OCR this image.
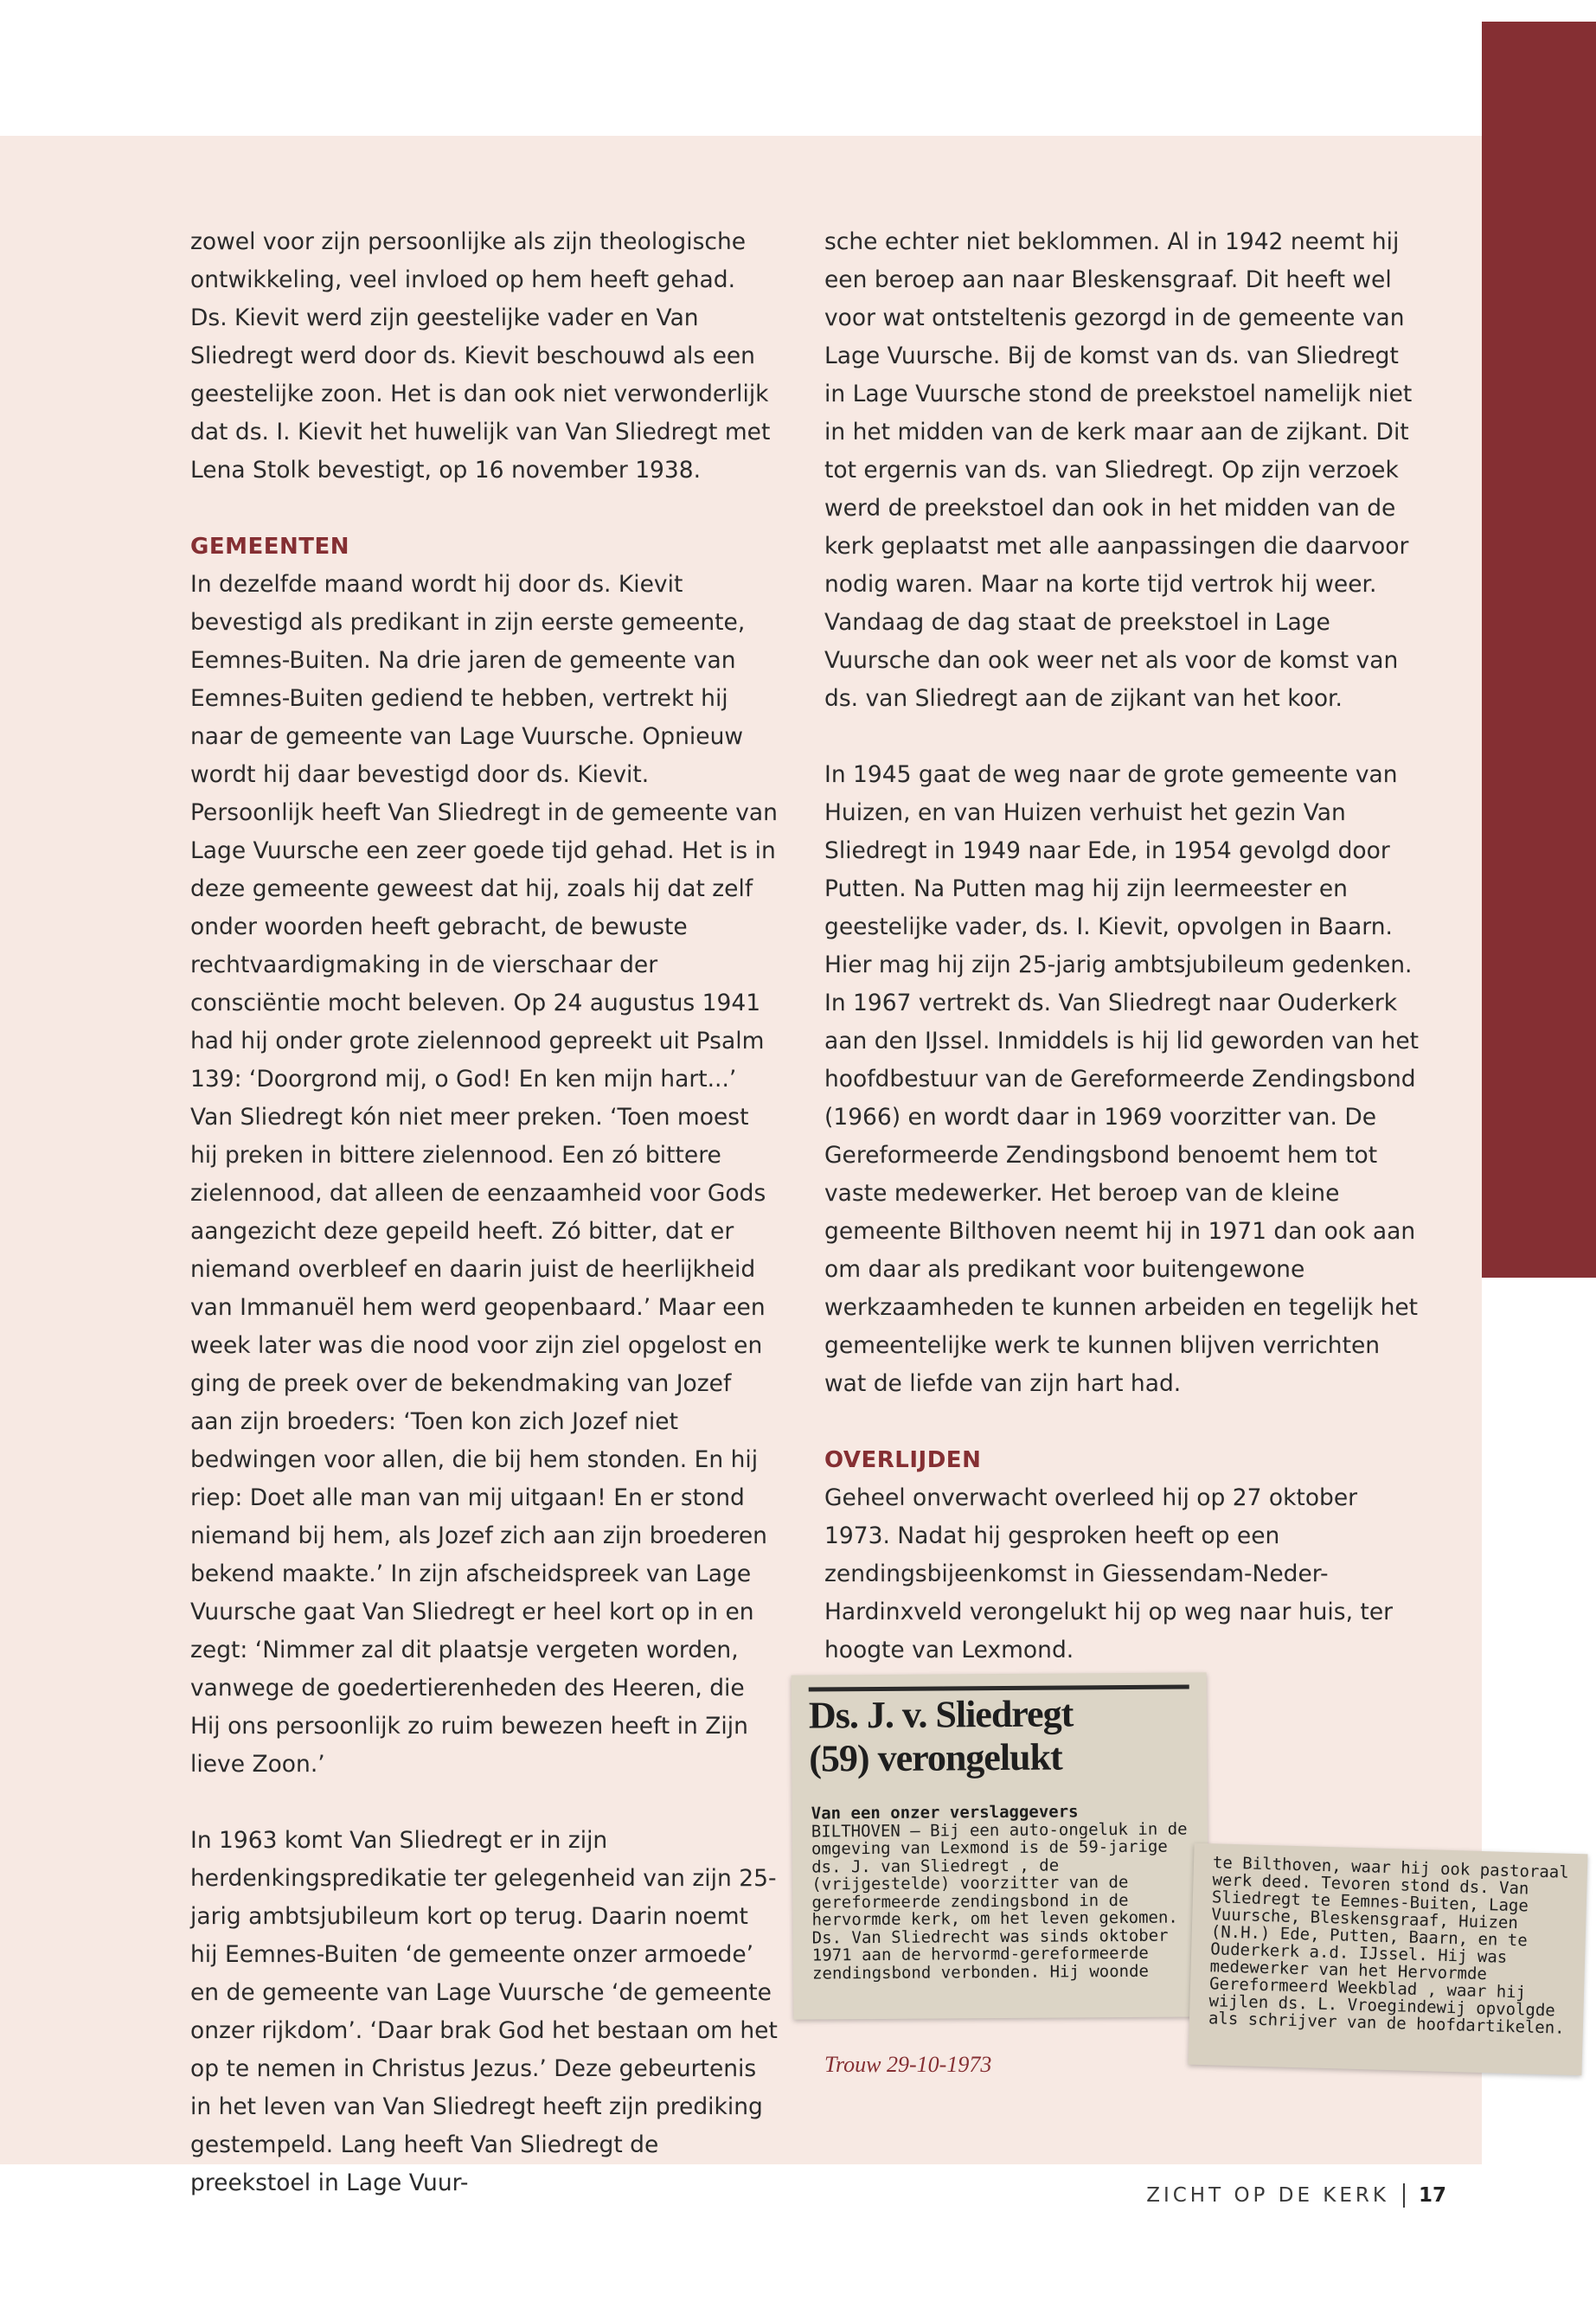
zowel voor zijn persoonlijke als zijn theologische ontwikkeling, veel invloed op hem heeft gehad. Ds. Kievit werd zijn geestelijke vader en Van Sliedregt werd door ds. Kievit beschouwd als een geestelijke zoon. Het is dan ook niet verwonderlijk dat ds. I. Kievit het huwelijk van Van Sliedregt met Lena Stolk bevestigt, op 16 november 1938.

GEMEENTEN

In dezelfde maand wordt hij door ds. Kievit bevestigd als predikant in zijn eerste gemeente, Eemnes-Buiten. Na drie jaren de gemeente van Eemnes-Buiten gediend te hebben, vertrekt hij naar de gemeente van Lage Vuursche. Opnieuw wordt hij daar bevestigd door ds. Kievit. Persoonlijk heeft Van Sliedregt in de gemeente van Lage Vuursche een zeer goede tijd gehad. Het is in deze gemeente geweest dat hij, zoals hij dat zelf onder woorden heeft gebracht, de bewuste rechtvaardigmaking in de vierschaar der consciëntie mocht beleven. Op 24 augustus 1941 had hij onder grote zielennood gepreekt uit Psalm 139: ‘Doorgrond mij, o God! En ken mijn hart...’ Van Sliedregt kón niet meer preken. ‘Toen moest hij preken in bittere zielennood. Een zó bittere zielennood, dat alleen de eenzaamheid voor Gods aangezicht deze gepeild heeft. Zó bitter, dat er niemand overbleef en daarin juist de heerlijkheid van Immanuël hem werd geopenbaard.’ Maar een week later was die nood voor zijn ziel opgelost en ging de preek over de bekendmaking van Jozef aan zijn broeders: ‘Toen kon zich Jozef niet bedwingen voor allen, die bij hem stonden. En hij riep: Doet alle man van mij uitgaan! En er stond niemand bij hem, als Jozef zich aan zijn broederen bekend maakte.’ In zijn afscheidspreek van Lage Vuursche gaat Van Sliedregt er heel kort op in en zegt: ‘Nimmer zal dit plaatsje vergeten worden, vanwege de goedertierenheden des Heeren, die Hij ons persoonlijk zo ruim bewezen heeft in Zijn lieve Zoon.’

In 1963 komt Van Sliedregt er in zijn herdenkingspredikatie ter gelegenheid van zijn 25-jarig ambtsjubileum kort op terug. Daarin noemt hij Eemnes-Buiten ‘de gemeente onzer armoede’ en de gemeente van Lage Vuursche ‘de gemeente onzer rijkdom’. ‘Daar brak God het bestaan om het op te nemen in Christus Jezus.’ Deze gebeurtenis in het leven van Van Sliedregt heeft zijn prediking gestempeld. Lang heeft Van Sliedregt de preekstoel in Lage Vuur-

sche echter niet beklommen. Al in 1942 neemt hij een beroep aan naar Bleskensgraaf. Dit heeft wel voor wat ontsteltenis gezorgd in de gemeente van Lage Vuursche. Bij de komst van ds. van Sliedregt in Lage Vuursche stond de preekstoel namelijk niet in het midden van de kerk maar aan de zijkant. Dit tot ergernis van ds. van Sliedregt. Op zijn verzoek werd de preekstoel dan ook in het midden van de kerk geplaatst met alle aanpassingen die daarvoor nodig waren. Maar na korte tijd vertrok hij weer. Vandaag de dag staat de preekstoel in Lage Vuursche dan ook weer net als voor de komst van ds. van Sliedregt aan de zijkant van het koor.

In 1945 gaat de weg naar de grote gemeente van Huizen, en van Huizen verhuist het gezin Van Sliedregt in 1949 naar Ede, in 1954 gevolgd door Putten. Na Putten mag hij zijn leermeester en geestelijke vader, ds. I. Kievit, opvolgen in Baarn. Hier mag hij zijn 25-jarig ambtsjubileum gedenken. In 1967 vertrekt ds. Van Sliedregt naar Ouderkerk aan den IJssel. Inmiddels is hij lid geworden van het hoofdbestuur van de Gereformeerde Zendingsbond (1966) en wordt daar in 1969 voorzitter van. De Gereformeerde Zendingsbond benoemt hem tot vaste medewerker. Het beroep van de kleine gemeente Bilthoven neemt hij in 1971 dan ook aan om daar als predikant voor buitengewone werkzaamheden te kunnen arbeiden en tegelijk het gemeentelijke werk te kunnen blijven verrichten wat de liefde van zijn hart had.

OVERLIJDEN

Geheel onverwacht overleed hij op 27 oktober 1973. Nadat hij gesproken heeft op een zendingsbijeenkomst in Giessendam-Neder-Hardinxveld verongelukt hij op weg naar huis, ter hoogte van Lexmond.

Ds. J. v. Sliedregt
(59) verongelukt
Van een onzer verslaggevers
BILTHOVEN — Bij een auto-ongeluk in de omgeving van Lexmond is de 59-jarige ds. J. van Sliedregt , de (vrijgestelde) voorzitter van de gereformeerde zendingsbond in de hervormde kerk, om het leven gekomen. Ds. Van Sliedrecht was sinds oktober 1971 aan de hervormd-gereformeerde zendingsbond verbonden. Hij woonde
te Bilthoven, waar hij ook pastoraal werk deed. Tevoren stond ds. Van Sliedregt te Eemnes-Buiten, Lage Vuursche, Bleskensgraaf, Huizen (N.H.) Ede, Putten, Baarn, en te Ouderkerk a.d. IJssel. Hij was medewerker van het Hervormde Gereformeerd Weekblad , waar hij wijlen ds. L. Vroegindewij opvolgde als schrijver van de hoofdartikelen.
Trouw 29-10-1973
ZICHT OP DE KERK 17
